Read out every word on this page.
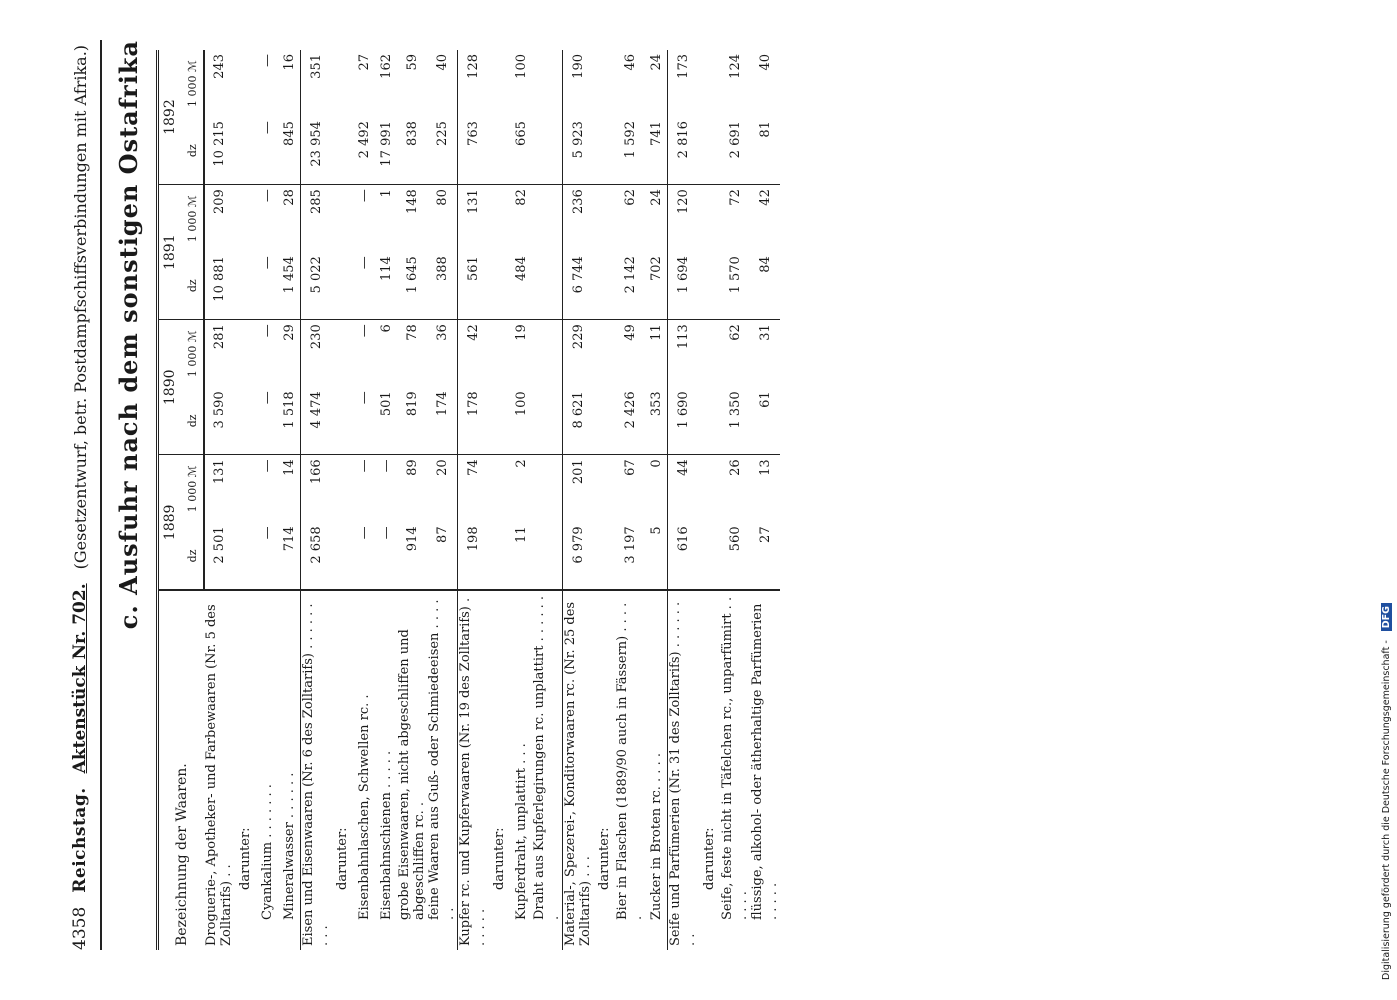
4358
Reichstag.
Aktenstück Nr. 702.
(Gesetzentwurf, betr. Postdampfschiffsverbindungen mit Afrika.) c. Ausfuhr nach dem sonstigen Ostafrika
Bezeichnung der Waaren.	1889		1890		1891		1892	
	dz	1 000 ℳ	dz	1 000 ℳ	dz	1 000 ℳ	dz	1 000 ℳ
Droguerie-, Apotheker- und Farbewaaren (Nr. 5 des Zolltarifs) . .	2 501	131	3 590	281	10 881	209	10 215	243
darunter:								
Cyankalium . . . . . . .	—	—	—	—	—	—	—	—
Mineralwasser . . . . . .	714	14	1 518	29	1 454	28	845	16
Eisen und Eisenwaaren (Nr. 6 des Zolltarifs) . . . . . . . . .	2 658	166	4 474	230	5 022	285	23 954	351
darunter:								
Eisenbahnlaschen, Schwellen rc. .	—	—	—	—	—	—	2 492	27
Eisenbahnschienen . . . . .	—	—	501	6	114	1	17 991	162
grobe Eisenwaaren, nicht abgeschliffen und abgeschliffen rc. .	914	89	819	78	1 645	148	838	59
feine Waaren aus Guß- oder Schmiedeeisen . . . . . .	87	20	174	36	388	80	225	40
Kupfer rc. und Kupferwaaren (Nr. 19 des Zolltarifs) . . . . . .	198	74	178	42	561	131	763	128
darunter:								
Kupferdraht, unplattirt . . .	11	2	100	19	484	82	665	100
Draht aus Kupferlegirungen rc. unplattirt . . . . . . .								
Material-, Spezerei-, Konditorwaaren rc. (Nr. 25 des Zolltarifs) . . .	6 979	201	8 621	229	6 744	236	5 923	190
darunter:								
Bier in Flaschen (1889/90 auch in Fässern) . . . . .	3 197	67	2 426	49	2 142	62	1 592	46
Zucker in Broten rc. . . . .	5	0	353	11	702	24	741	24
Seife und Parfümerien (Nr. 31 des Zolltarifs) . . . . . . . .	616	44	1 690	113	1 694	120	2 816	173
darunter:								
Seife, feste nicht in Täfelchen rc., unparfümirt . . . . . .	560	26	1 350	62	1 570	72	2 691	124
flüssige, alkohol- oder ätherhaltige Parfümerien . . . . .	27	13	61	31	84	42	81	40
Digitalisierung gefördert durch die Deutsche Forschungsgemeinschaft - DFG
